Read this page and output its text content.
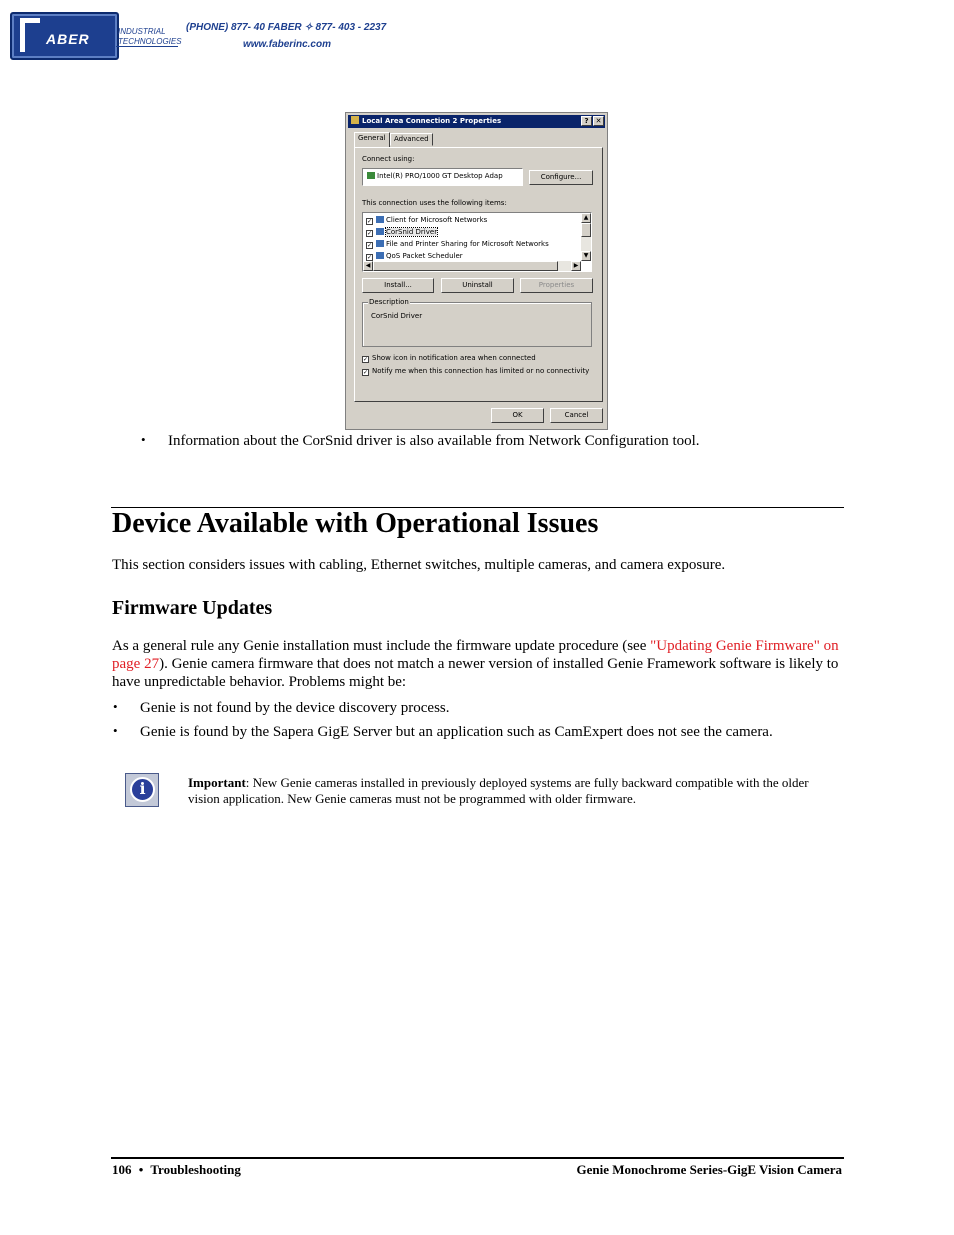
ABER	INDUSTRIAL
TECHNOLOGIES
(PHONE) 877- 40 FABER ✧ 877- 403 - 2237
www.faberinc.com
Local Area Connection 2 Properties	?	✕
General	Advanced
Connect using:
Intel(R) PRO/1000 GT Desktop Adap	Configure...
This connection uses the following items:
✓ Client for Microsoft Networks
✓ CorSnid Driver
✓ File and Printer Sharing for Microsoft Networks
✓ QoS Packet Scheduler
▲
▼
◀	▶
Install...	Uninstall	Properties
Description
CorSnid Driver
✓ Show icon in notification area when connected
✓ Notify me when this connection has limited or no connectivity
OK	Cancel
• Information about the CorSnid driver is also available from Network Configuration tool.
Device Available with Operational Issues
This section considers issues with cabling, Ethernet switches, multiple cameras, and camera exposure.
Firmware Updates
As a general rule any Genie installation must include the firmware update procedure (see "Updating Genie Firmware" on page 27). Genie camera firmware that does not match a newer version of installed Genie Framework software is likely to have unpredictable behavior. Problems might be:
• Genie is not found by the device discovery process.
• Genie is found by the Sapera GigE Server but an application such as CamExpert does not see the camera.
i	Important: New Genie cameras installed in previously deployed systems are fully backward compatible with the older vision application. New Genie cameras must not be programmed with older firmware.
106 • Troubleshooting	Genie Monochrome Series-GigE Vision Camera
